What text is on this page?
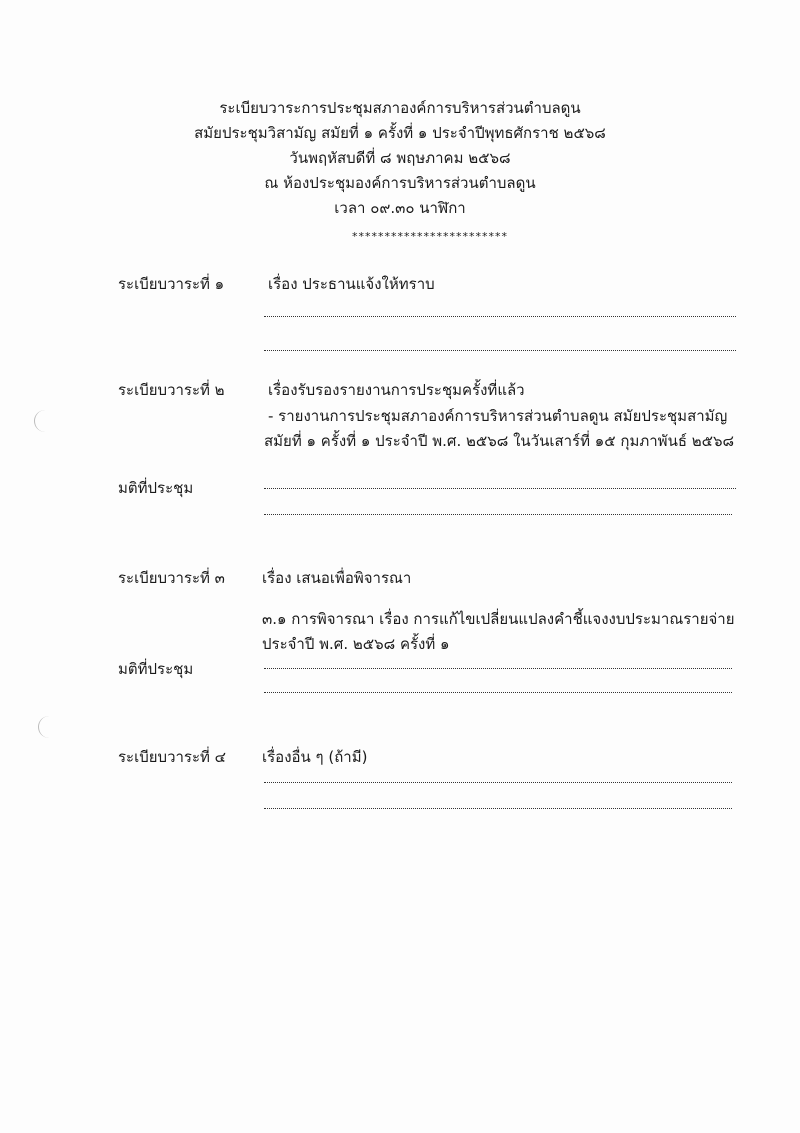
ระเบียบวาระการประชุมสภาองค์การบริหารส่วนตำบลดูน
สมัยประชุมวิสามัญ สมัยที่ ๑ ครั้งที่ ๑ ประจำปีพุทธศักราช ๒๕๖๘
วันพฤหัสบดีที่ ๘ พฤษภาคม ๒๕๖๘
ณ ห้องประชุมองค์การบริหารส่วนตำบลดูน
เวลา ๐๙.๓๐ นาฬิกา
************************
ระเบียบวาระที่ ๑	เรื่อง ประธานแจ้งให้ทราบ
ระเบียบวาระที่ ๒	เรื่องรับรองรายงานการประชุมครั้งที่แล้ว
- รายงานการประชุมสภาองค์การบริหารส่วนตำบลดูน สมัยประชุมสามัญ
สมัยที่ ๑ ครั้งที่ ๑ ประจำปี พ.ศ. ๒๕๖๘ ในวันเสาร์ที่ ๑๕ กุมภาพันธ์ ๒๕๖๘
มติที่ประชุม
ระเบียบวาระที่ ๓ เรื่อง เสนอเพื่อพิจารณา
๓.๑ การพิจารณา เรื่อง การแก้ไขเปลี่ยนแปลงคำชี้แจงงบประมาณรายจ่าย
ประจำปี พ.ศ. ๒๕๖๘ ครั้งที่ ๑
มติที่ประชุม
ระเบียบวาระที่ ๔ เรื่องอื่น ๆ (ถ้ามี)
